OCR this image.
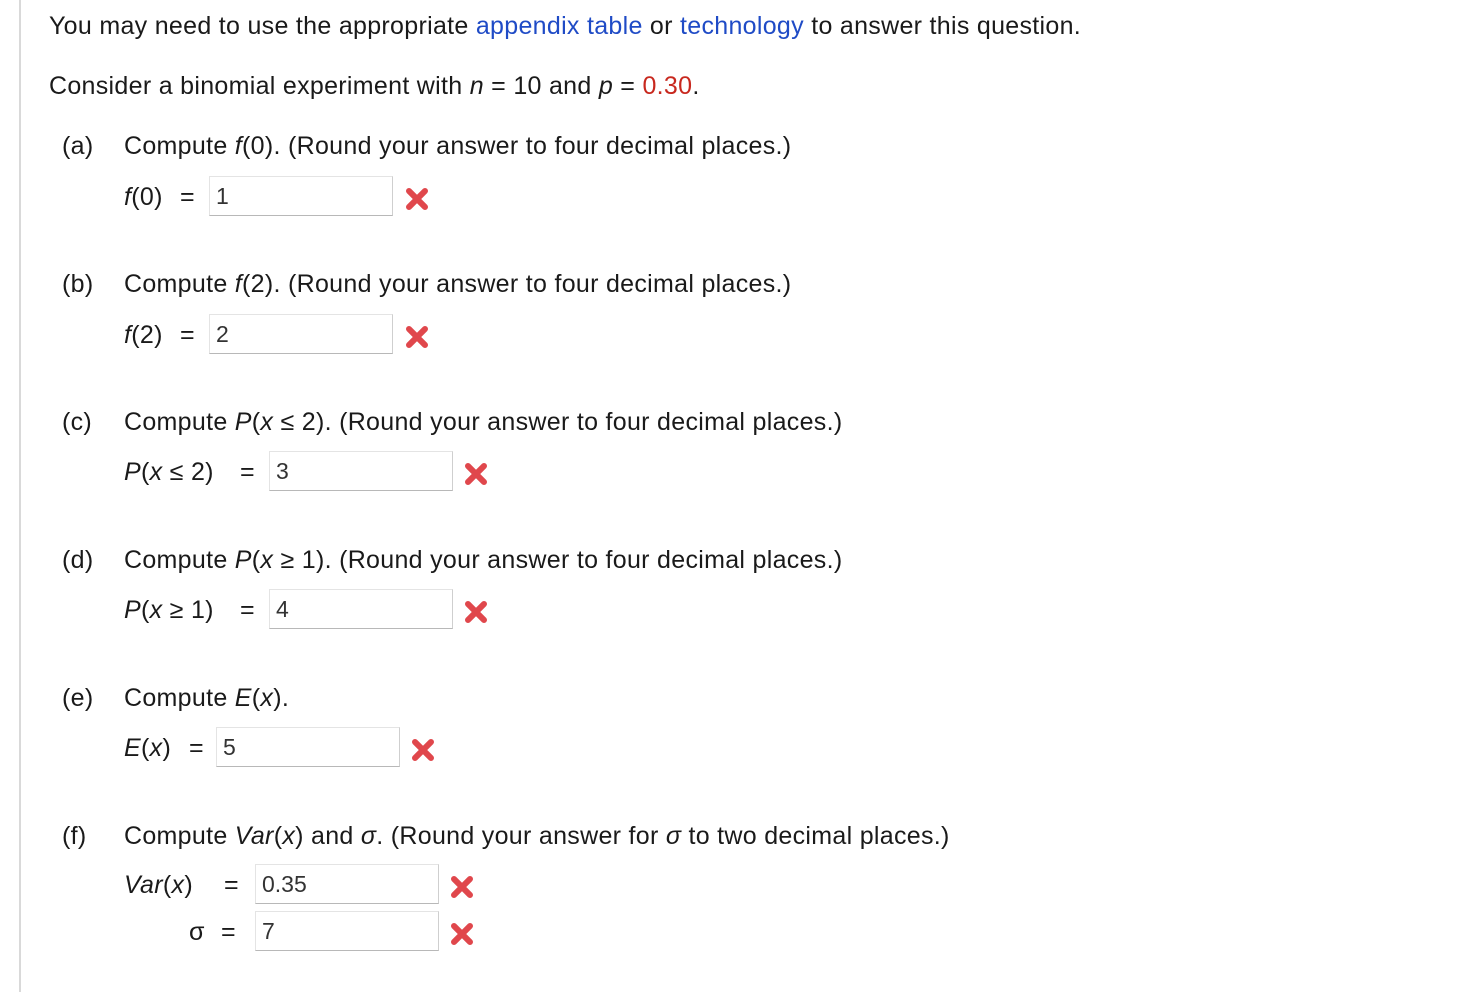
You may need to use the appropriate appendix table or technology to answer this question.
Consider a binomial experiment with n = 10 and p = 0.30.
(a) Compute f(0). (Round your answer to four decimal places.)
f(0) =
1
(b) Compute f(2). (Round your answer to four decimal places.)
f(2) =
2
(c) Compute P(x ≤ 2). (Round your answer to four decimal places.)
P(x ≤ 2) =
3
(d) Compute P(x ≥ 1). (Round your answer to four decimal places.)
P(x ≥ 1) =
4
(e) Compute E(x).
E(x) =
5
(f) Compute Var(x) and σ. (Round your answer for σ to two decimal places.)
Var(x) =
0.35
σ =
7
